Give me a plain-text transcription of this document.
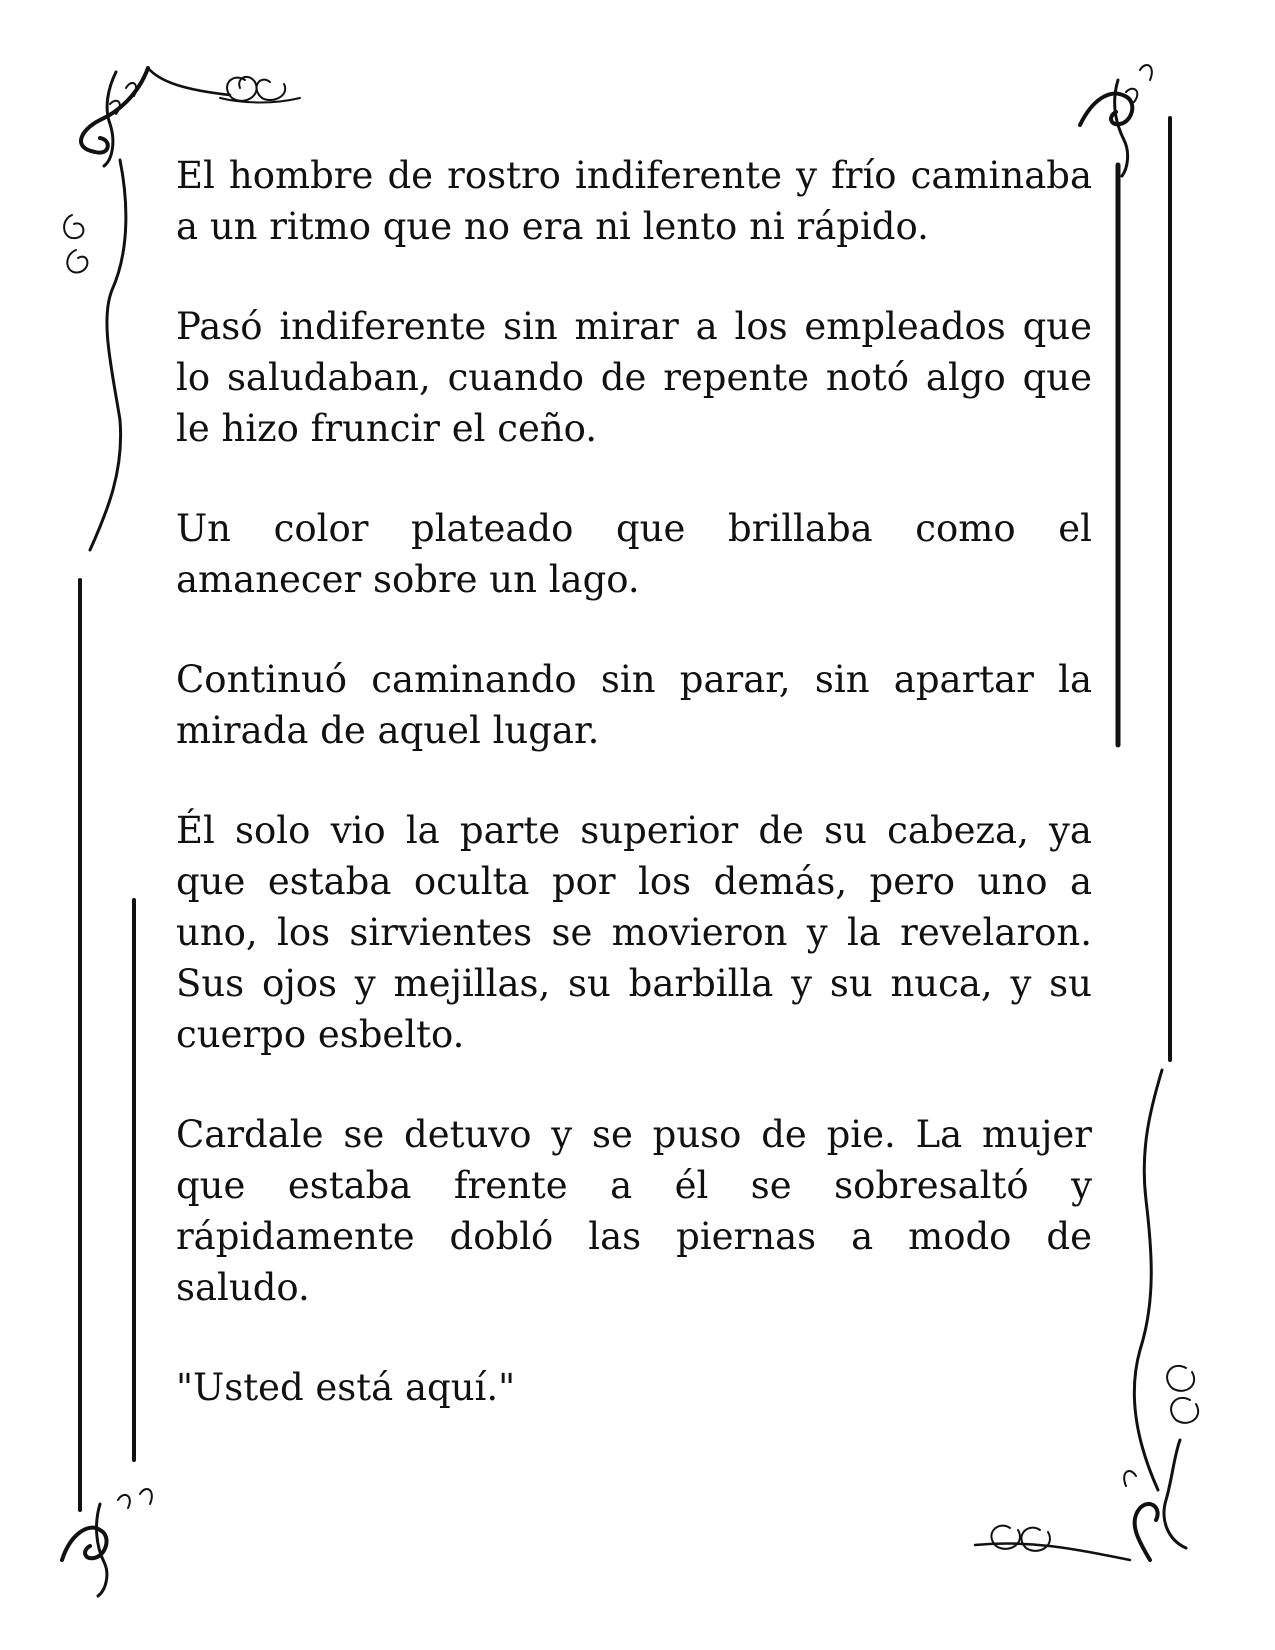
El hombre de rostro indiferente y frío caminaba a un ritmo que no era ni lento ni rápido.

Pasó indiferente sin mirar a los empleados que lo saludaban, cuando de repente notó algo que le hizo fruncir el ceño.

Un color plateado que brillaba como el amanecer sobre un lago.

Continuó caminando sin parar, sin apartar la mirada de aquel lugar.

Él solo vio la parte superior de su cabeza, ya que estaba oculta por los demás, pero uno a uno, los sirvientes se movieron y la revelaron. Sus ojos y mejillas, su barbilla y su nuca, y su cuerpo esbelto.

Cardale se detuvo y se puso de pie. La mujer que estaba frente a él se sobresaltó y rápidamente dobló las piernas a modo de saludo.

"Usted está aquí."
